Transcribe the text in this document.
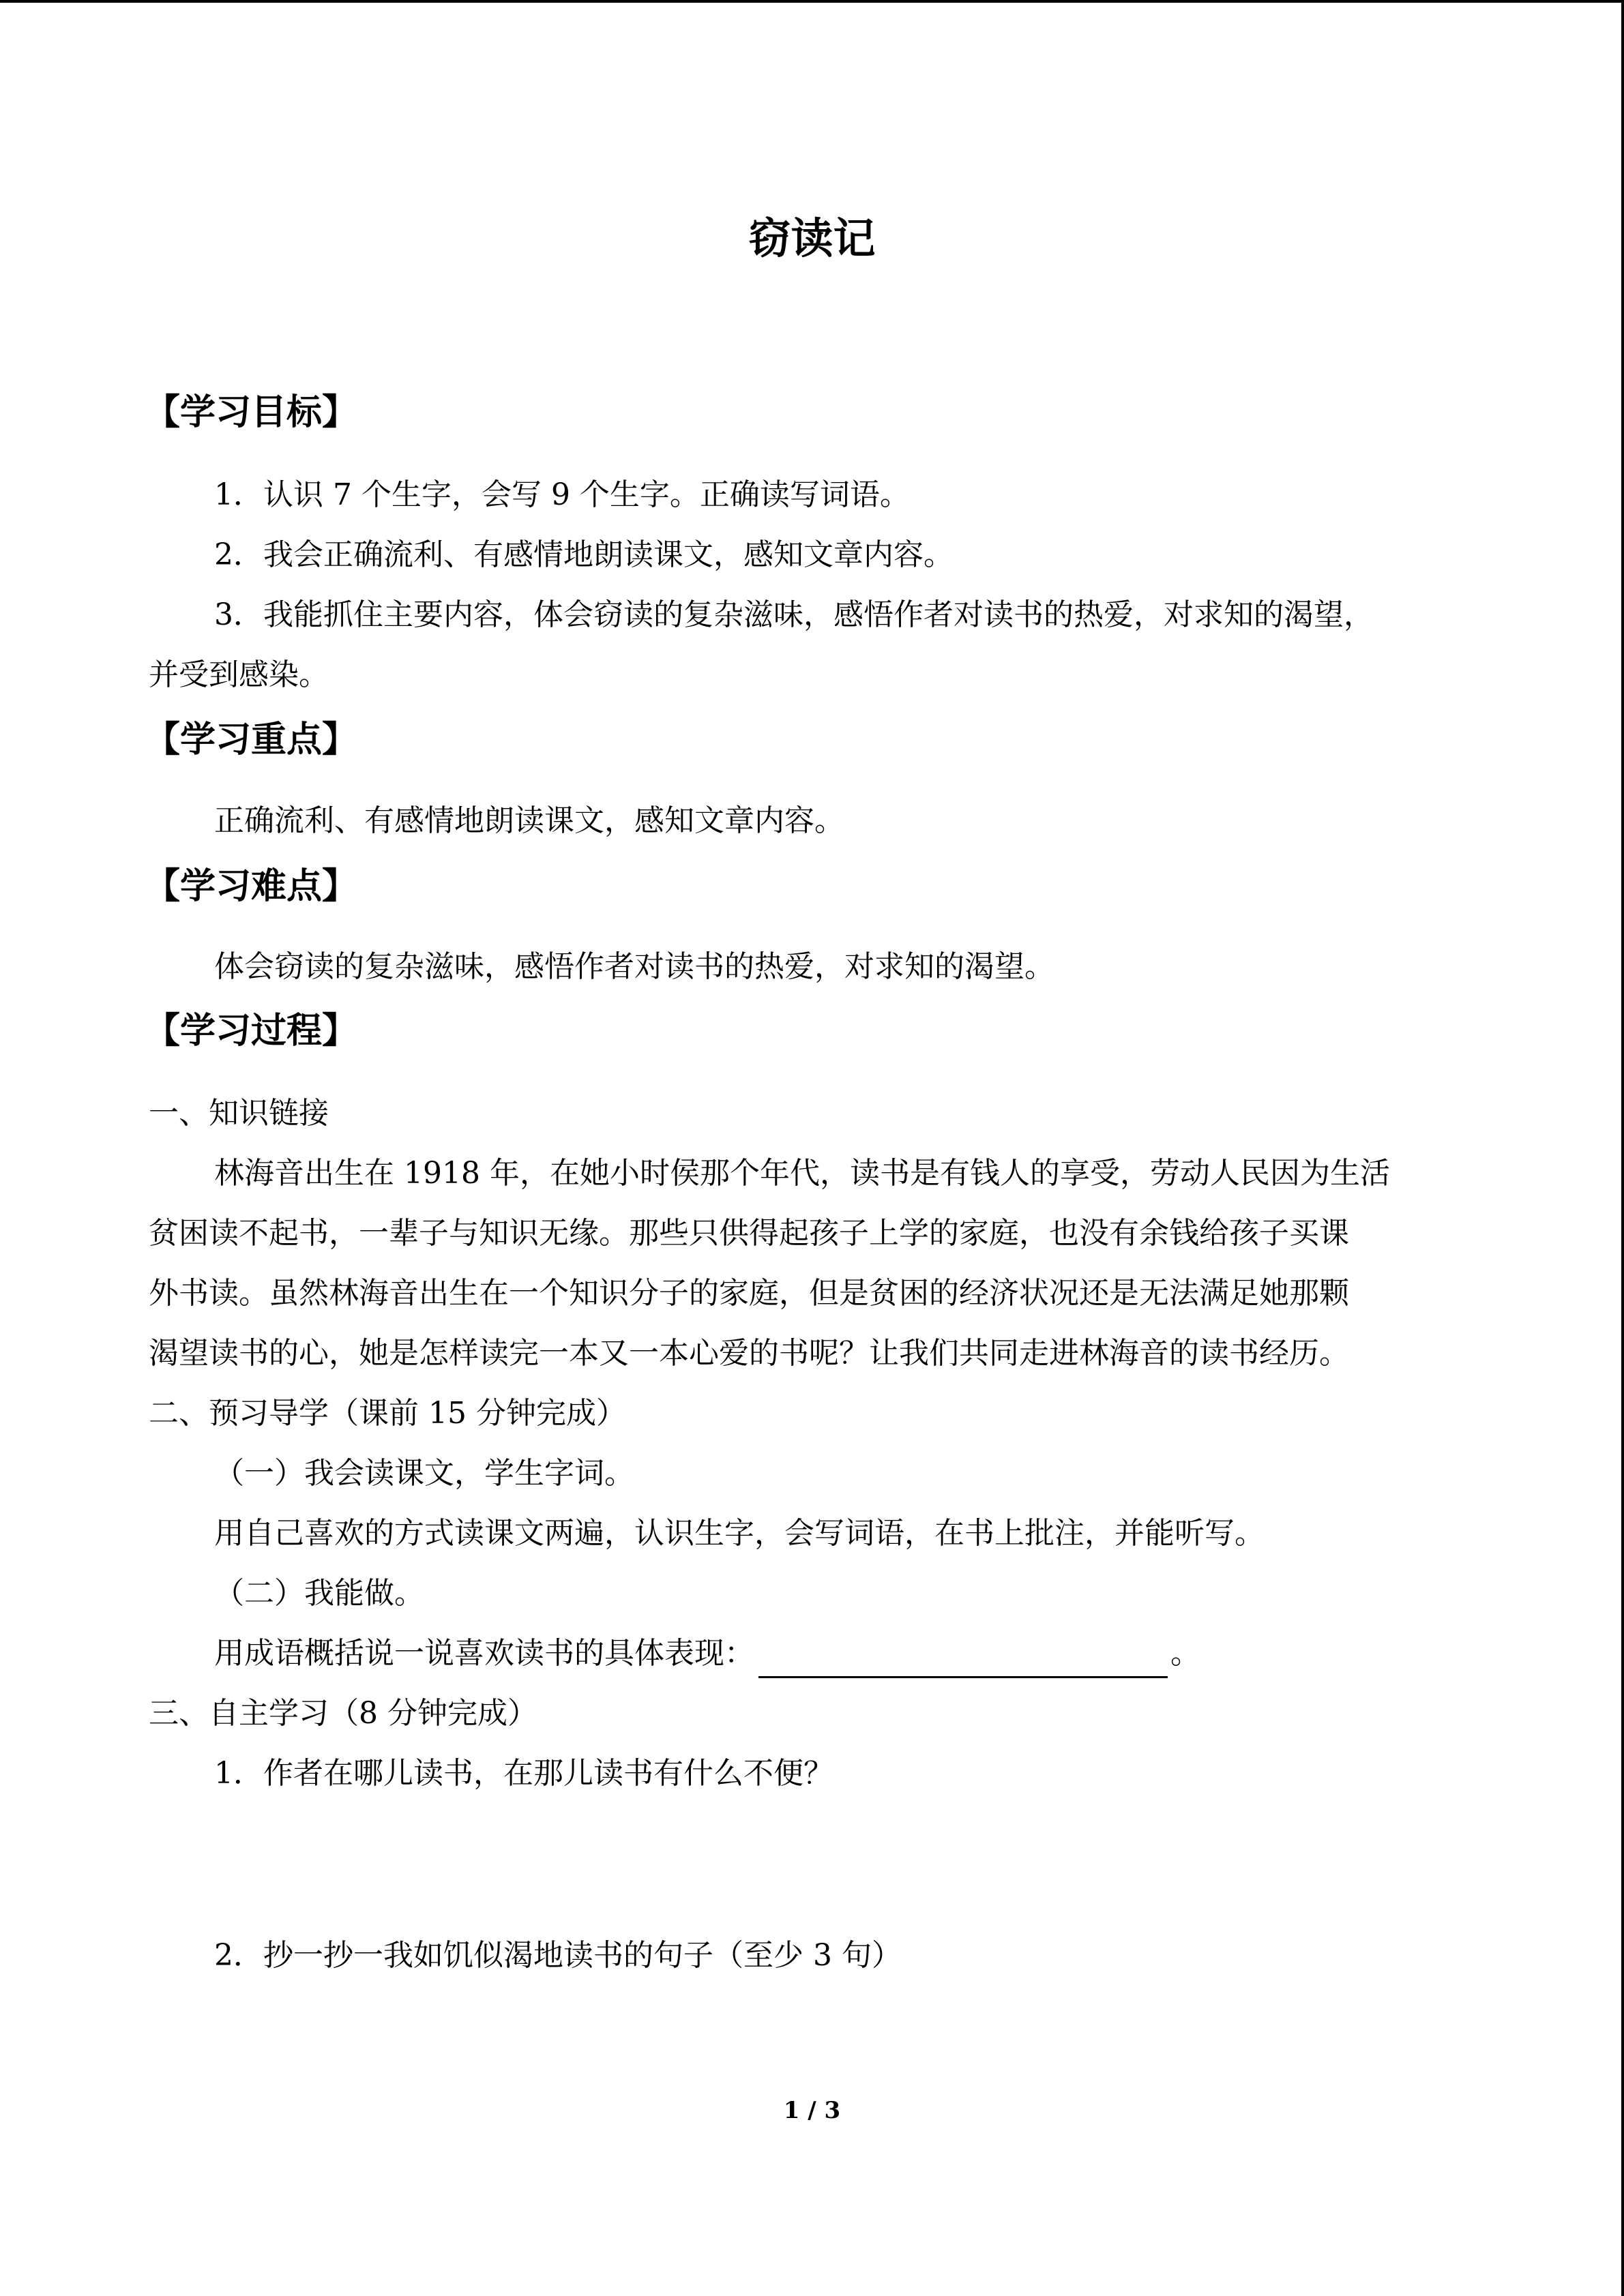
窃读记
【学习目标】
1．认识 7 个生字，会写 9 个生字。正确读写词语。
2．我会正确流利、有感情地朗读课文，感知文章内容。
3．我能抓住主要内容，体会窃读的复杂滋味，感悟作者对读书的热爱，对求知的渴望，
并受到感染。
【学习重点】
正确流利、有感情地朗读课文，感知文章内容。
【学习难点】
体会窃读的复杂滋味，感悟作者对读书的热爱，对求知的渴望。
【学习过程】
一、知识链接
林海音出生在 1918 年，在她小时侯那个年代，读书是有钱人的享受，劳动人民因为生活
贫困读不起书，一辈子与知识无缘。那些只供得起孩子上学的家庭，也没有余钱给孩子买课
外书读。虽然林海音出生在一个知识分子的家庭，但是贫困的经济状况还是无法满足她那颗
渴望读书的心，她是怎样读完一本又一本心爱的书呢？让我们共同走进林海音的读书经历。
二、预习导学（课前 15 分钟完成）
（一）我会读课文，学生字词。
用自己喜欢的方式读课文两遍，认识生字，会写词语，在书上批注，并能听写。
（二）我能做。
用成语概括说一说喜欢读书的具体表现：	。
三、自主学习（8 分钟完成）
1．作者在哪儿读书，在那儿读书有什么不便？
2．抄一抄一我如饥似渴地读书的句子（至少 3 句）
1 / 3
